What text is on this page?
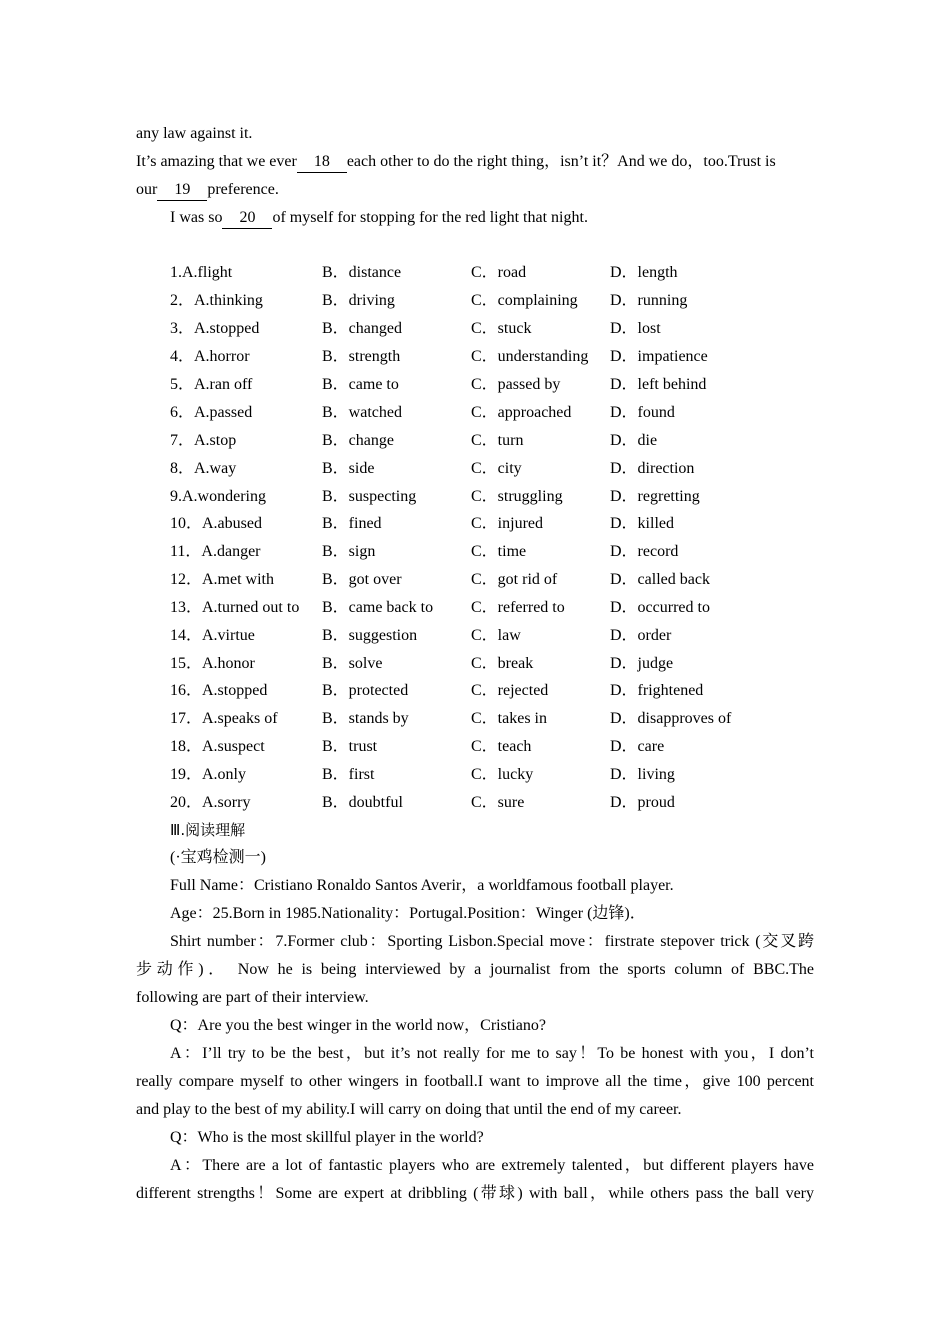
any law against it.
It’s amazing that we ever 18 each other to do the right thing，isn’t it？And we do，too.Trust is
our 19 preference.
I was so 20 of myself for stopping for the red light that night.
1.A.flight	B．distance	C．road	D．length
2．A.thinking	B．driving	C．complaining D．running
3．A.stopped	B．changed	C．stuck	D．lost
4．A.horror	B．strength	C．understanding D．impatience
5．A.ran off	B．came to	C．passed by	D．left behind
6．A.passed	B．watched	C．approached D．found
7．A.stop	B．change	C．turn	D．die
8．A.way	B．side	C．city	D．direction
9.A.wondering	B．suspecting	C．struggling	D．regretting
10．A.abused	B．fined	C．injured	D．killed
11．A.danger	B．sign	C．time	D．record
12．A.met with	B．got over	C．got rid of	D．called back
13．A.turned out to B．came back to C．referred to	D．occurred to
14．A.virtue	B．suggestion	C．law	D．order
15．A.honor	B．solve	C．break	D．judge
16．A.stopped	B．protected	C．rejected	D．frightened
17．A.speaks of	B．stands by	C．takes in	D．disapproves of
18．A.suspect	B．trust	C．teach	D．care
19．A.only	B．first	C．lucky	D．living
20．A.sorry	B．doubtful	C．sure	D．proud
Ⅲ.阅读理解
(·宝鸡检测一)
Full Name：Cristiano Ronaldo Santos Averir，a worldfamous football player.
Age：25.Born in 1985.Nationality：Portugal.Position：Winger (边锋)．
Shirt number：7.Former club：Sporting Lisbon.Special move：firstrate stepover trick (交叉跨
步动作)． Now he is being interviewed by a journalist from the sports column of BBC.The
following are part of their interview.
Q：Are you the best winger in the world now，Cristiano?
A：I’ll try to be the best，but it’s not really for me to say！To be honest with you，I don’t
really compare myself to other wingers in football.I want to improve all the time，give 100 percent
and play to the best of my ability.I will carry on doing that until the end of my career.
Q：Who is the most skillful player in the world?
A：There are a lot of fantastic players who are extremely talented，but different players have
different strengths！Some are expert at dribbling (带球) with ball，while others pass the ball very
